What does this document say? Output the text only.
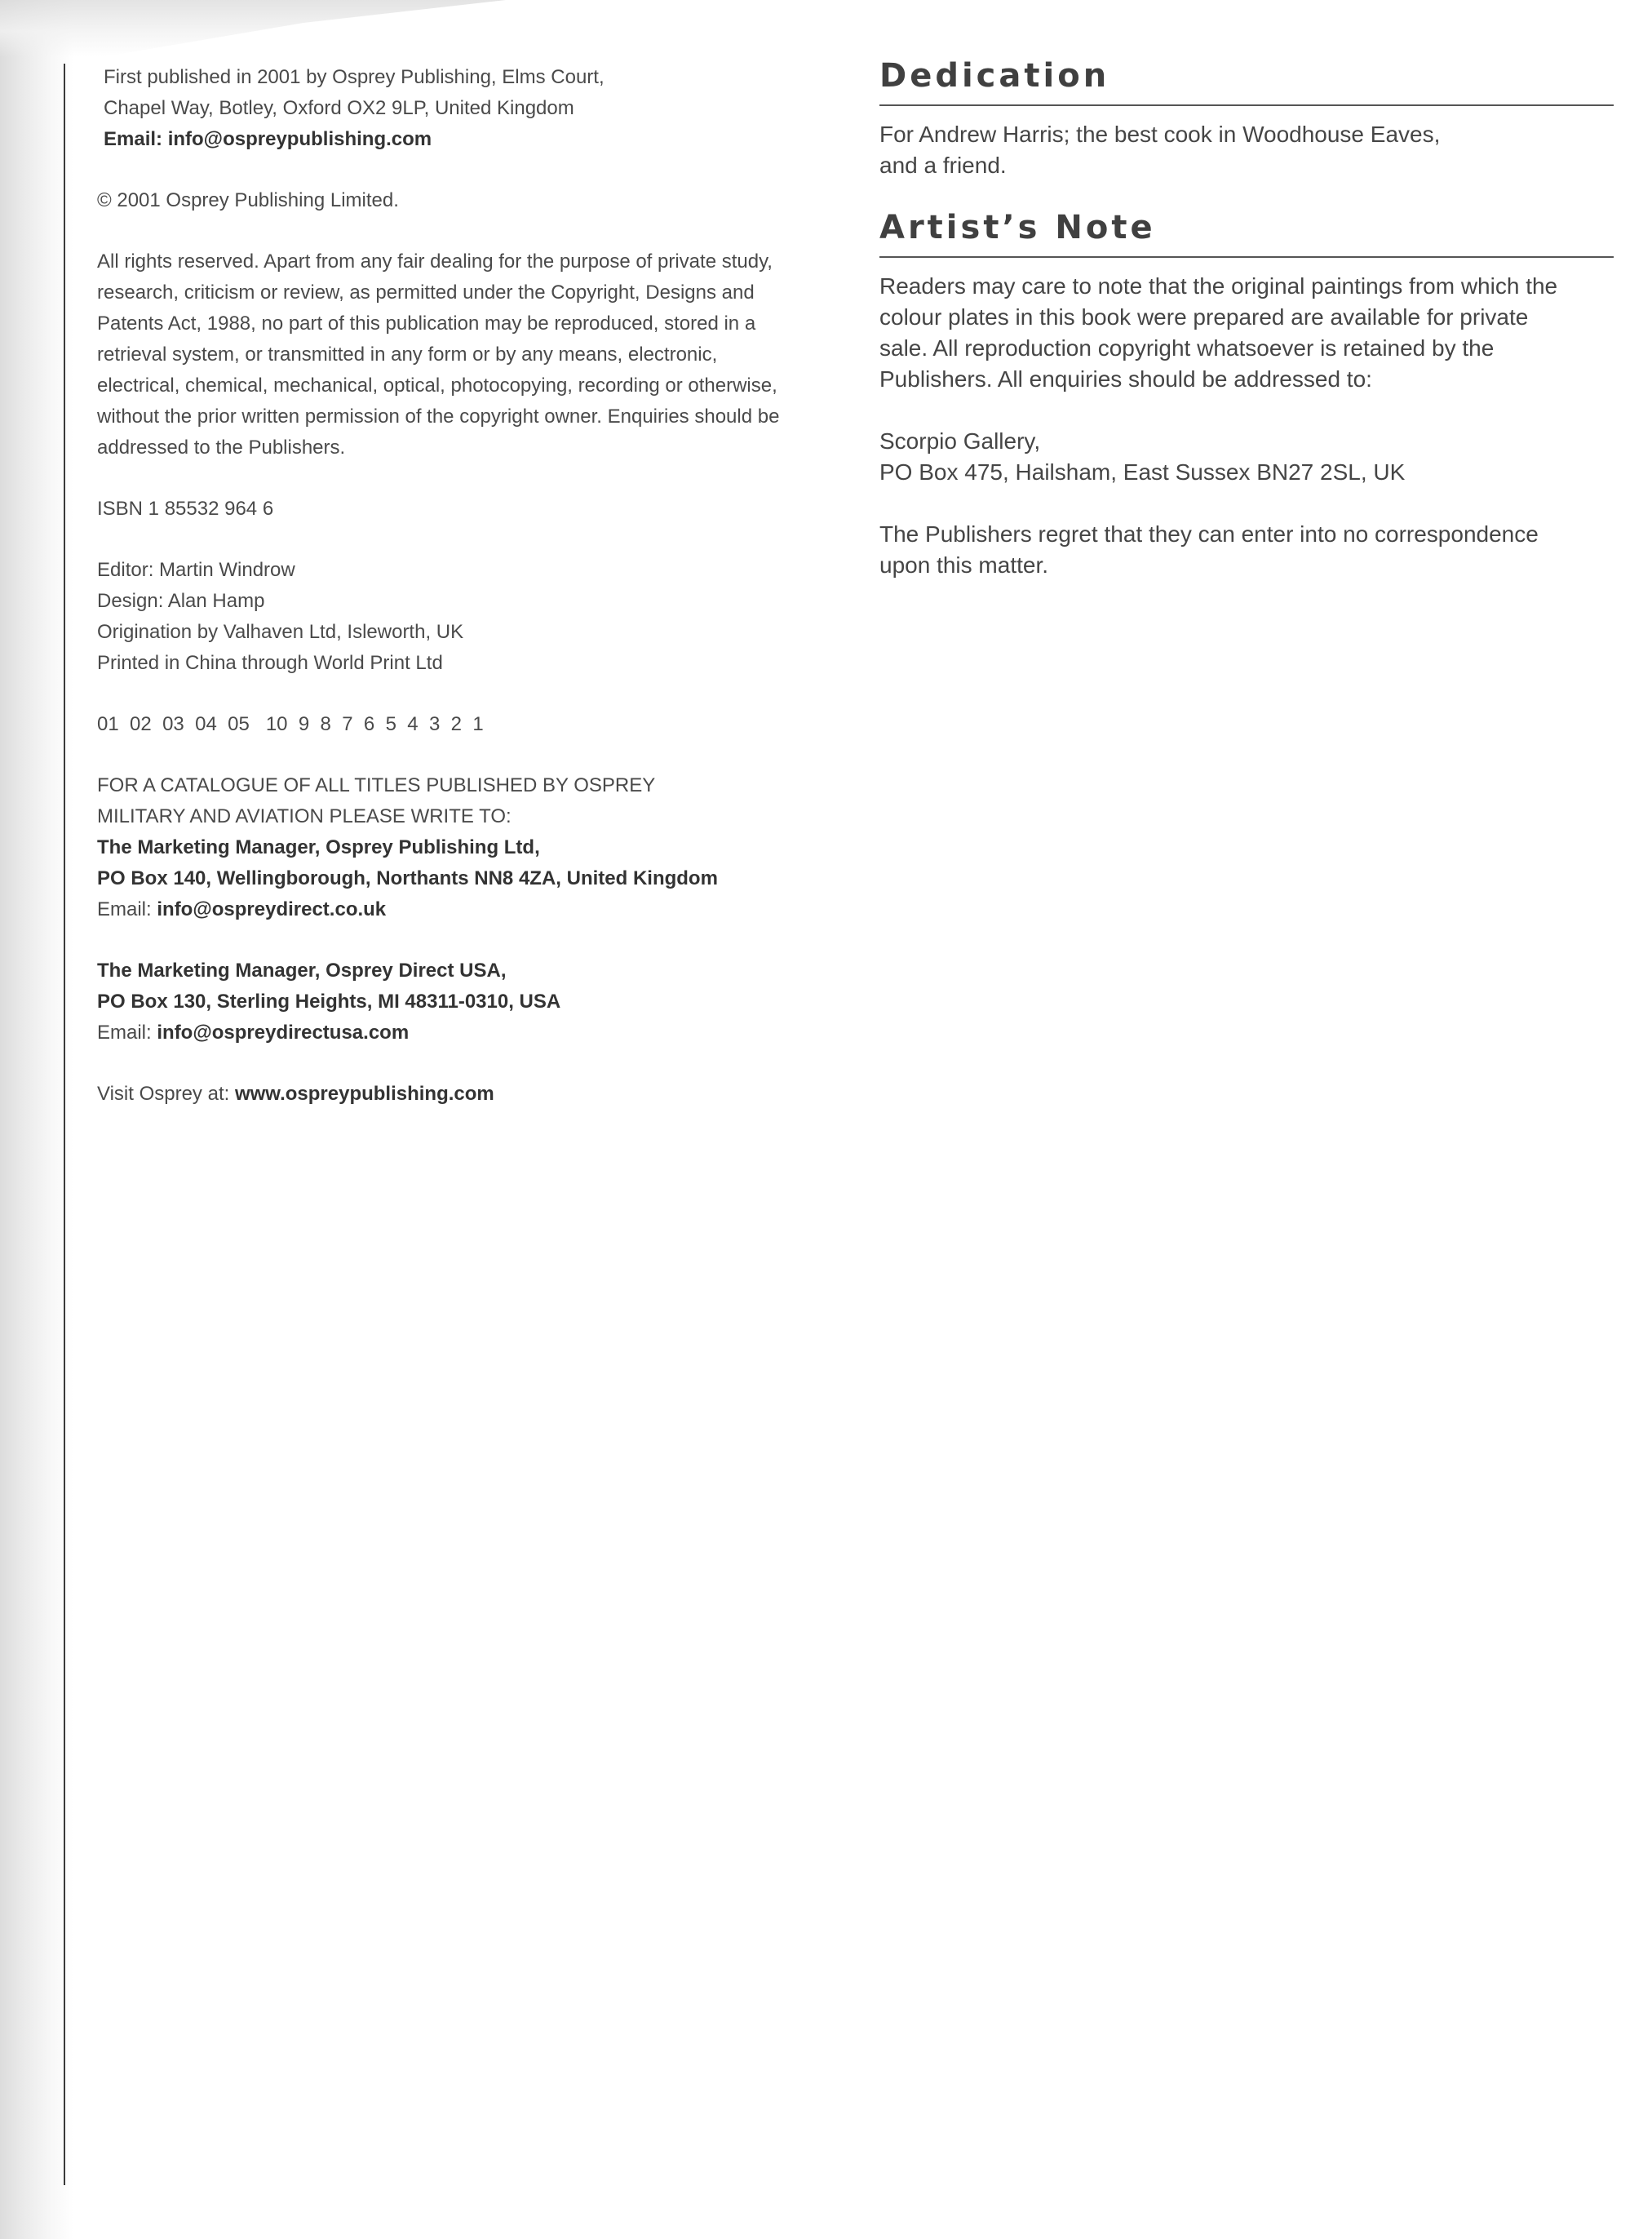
First published in 2001 by Osprey Publishing, Elms Court,
Chapel Way, Botley, Oxford OX2 9LP, United Kingdom
Email: info@ospreypublishing.com

© 2001 Osprey Publishing Limited.

All rights reserved. Apart from any fair dealing for the purpose of private study,
research, criticism or review, as permitted under the Copyright, Designs and
Patents Act, 1988, no part of this publication may be reproduced, stored in a
retrieval system, or transmitted in any form or by any means, electronic,
electrical, chemical, mechanical, optical, photocopying, recording or otherwise,
without the prior written permission of the copyright owner. Enquiries should be
addressed to the Publishers.

ISBN 1 85532 964 6

Editor: Martin Windrow
Design: Alan Hamp
Origination by Valhaven Ltd, Isleworth, UK
Printed in China through World Print Ltd

01  02  03  04  05   10  9  8  7  6  5  4  3  2  1

FOR A CATALOGUE OF ALL TITLES PUBLISHED BY OSPREY
MILITARY AND AVIATION PLEASE WRITE TO:
The Marketing Manager, Osprey Publishing Ltd,
PO Box 140, Wellingborough, Northants NN8 4ZA, United Kingdom
Email: info@ospreydirect.co.uk

The Marketing Manager, Osprey Direct USA,
PO Box 130, Sterling Heights, MI 48311-0310, USA
Email: info@ospreydirectusa.com

Visit Osprey at: www.ospreypublishing.com

Dedication
For Andrew Harris; the best cook in Woodhouse Eaves,
and a friend.
Artist’s Note
Readers may care to note that the original paintings from which the
colour plates in this book were prepared are available for private
sale. All reproduction copyright whatsoever is retained by the
Publishers. All enquiries should be addressed to:
Scorpio Gallery,
PO Box 475, Hailsham, East Sussex BN27 2SL, UK
The Publishers regret that they can enter into no correspondence
upon this matter.
